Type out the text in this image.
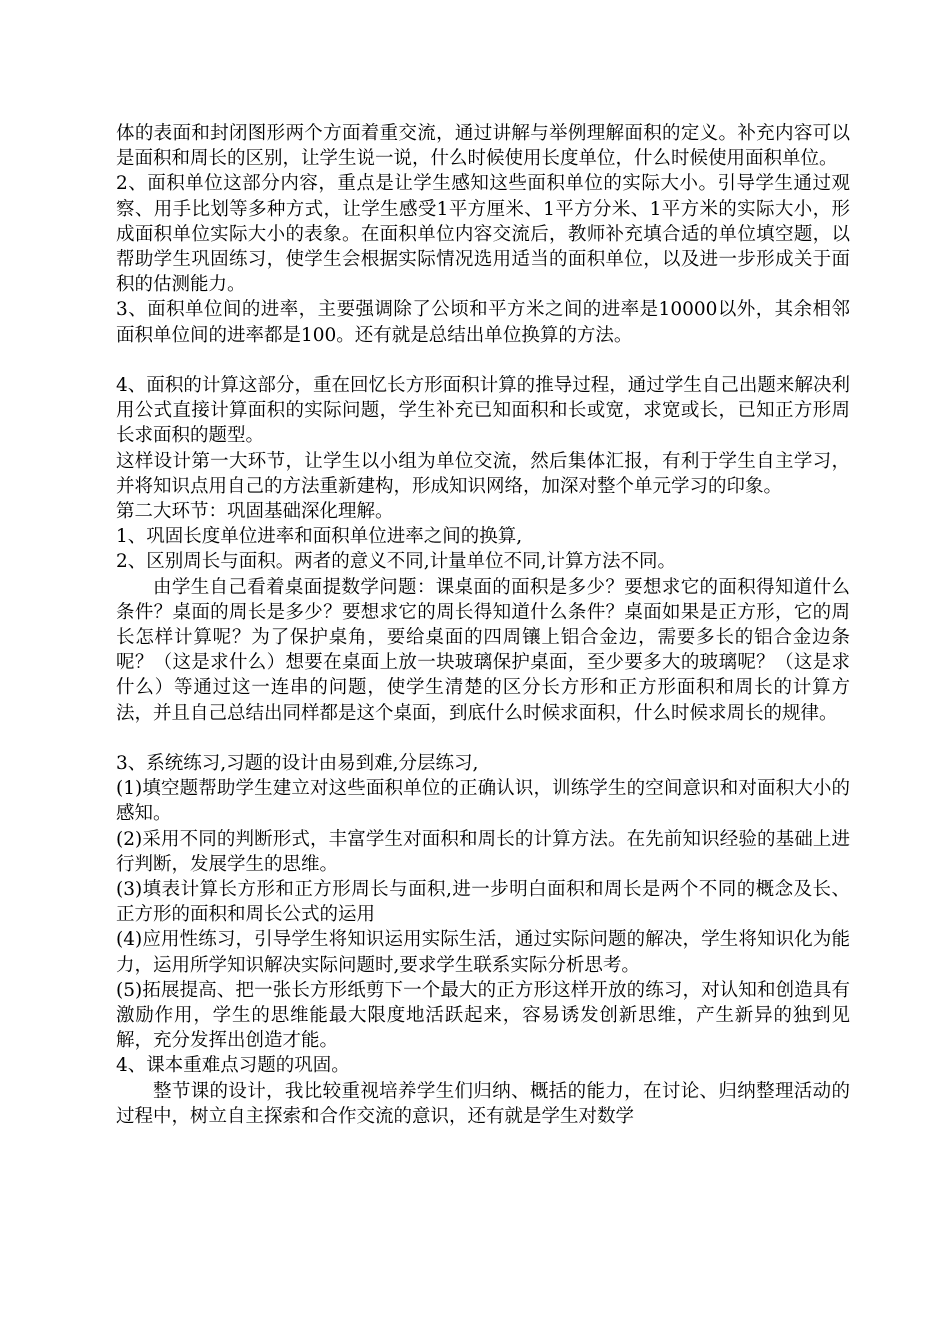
体的表面和封闭图形两个方面着重交流，通过讲解与举例理解面积的定义。补充内容可以是面积和周长的区别，让学生说一说，什么时候使用长度单位，什么时候使用面积单位。

2、面积单位这部分内容，重点是让学生感知这些面积单位的实际大小。引导学生通过观察、用手比划等多种方式，让学生感受1平方厘米、1平方分米、1平方米的实际大小，形成面积单位实际大小的表象。在面积单位内容交流后，教师补充填合适的单位填空题，以帮助学生巩固练习，使学生会根据实际情况选用适当的面积单位，以及进一步形成关于面积的估测能力。

3、面积单位间的进率，主要强调除了公顷和平方米之间的进率是10000以外，其余相邻面积单位间的进率都是100。还有就是总结出单位换算的方法。

4、面积的计算这部分，重在回忆长方形面积计算的推导过程，通过学生自己出题来解决利用公式直接计算面积的实际问题，学生补充已知面积和长或宽，求宽或长，已知正方形周长求面积的题型。

这样设计第一大环节，让学生以小组为单位交流，然后集体汇报，有利于学生自主学习，并将知识点用自己的方法重新建构，形成知识网络，加深对整个单元学习的印象。

第二大环节：巩固基础深化理解。

1、巩固长度单位进率和面积单位进率之间的换算,

2、区别周长与面积。两者的意义不同,计量单位不同,计算方法不同。

由学生自己看着桌面提数学问题：课桌面的面积是多少？要想求它的面积得知道什么条件？桌面的周长是多少？要想求它的周长得知道什么条件？桌面如果是正方形，它的周长怎样计算呢？为了保护桌角，要给桌面的四周镶上铝合金边，需要多长的铝合金边条呢？（这是求什么）想要在桌面上放一块玻璃保护桌面，至少要多大的玻璃呢？（这是求什么）等通过这一连串的问题，使学生清楚的区分长方形和正方形面积和周长的计算方法，并且自己总结出同样都是这个桌面，到底什么时候求面积，什么时候求周长的规律。

3、系统练习,习题的设计由易到难,分层练习,

(1)填空题帮助学生建立对这些面积单位的正确认识，训练学生的空间意识和对面积大小的感知。

(2)采用不同的判断形式，丰富学生对面积和周长的计算方法。在先前知识经验的基础上进行判断，发展学生的思维。

(3)填表计算长方形和正方形周长与面积,进一步明白面积和周长是两个不同的概念及长、正方形的面积和周长公式的运用

(4)应用性练习，引导学生将知识运用实际生活，通过实际问题的解决，学生将知识化为能力，运用所学知识解决实际问题时,要求学生联系实际分析思考。

(5)拓展提高、把一张长方形纸剪下一个最大的正方形这样开放的练习，对认知和创造具有激励作用，学生的思维能最大限度地活跃起来，容易诱发创新思维，产生新异的独到见解，充分发挥出创造才能。

4、课本重难点习题的巩固。

整节课的设计，我比较重视培养学生们归纳、概括的能力，在讨论、归纳整理活动的过程中，树立自主探索和合作交流的意识，还有就是学生对数学
